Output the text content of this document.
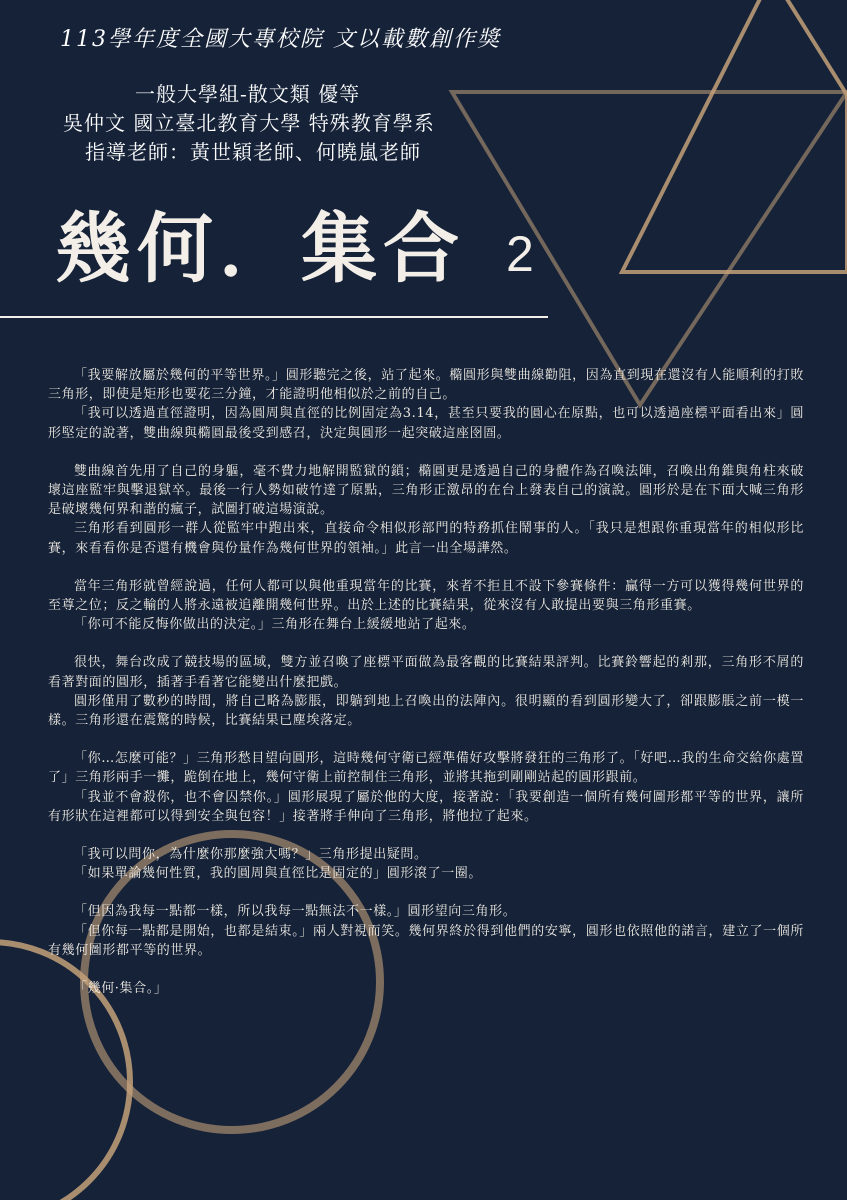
113學年度全國大專校院 文以載數創作獎
一般大學組-散文類 優等
吳仲文 國立臺北教育大學 特殊教育學系
指導老師：黃世穎老師、何曉嵐老師
幾何．集合 2

「我要解放屬於幾何的平等世界。」圓形聽完之後，站了起來。橢圓形與雙曲線勸阻，因為直到現在還沒有人能順利的打敗三角形，即使是矩形也要花三分鐘，才能證明他相似於之前的自己。

「我可以透過直徑證明，因為圓周與直徑的比例固定為3.14，甚至只要我的圓心在原點，也可以透過座標平面看出來」圓形堅定的說著，雙曲線與橢圓最後受到感召，決定與圓形一起突破這座囹圄。

雙曲線首先用了自己的身軀，毫不費力地解開監獄的鎖；橢圓更是透過自己的身體作為召喚法陣，召喚出角錐與角柱來破壞這座監牢與擊退獄卒。最後一行人勢如破竹達了原點，三角形正激昂的在台上發表自己的演說。圓形於是在下面大喊三角形是破壞幾何界和諧的瘋子，試圖打破這場演說。

三角形看到圓形一群人從監牢中跑出來，直接命令相似形部門的特務抓住鬧事的人。「我只是想跟你重現當年的相似形比賽，來看看你是否還有機會與份量作為幾何世界的領袖。」此言一出全場譁然。

當年三角形就曾經說過，任何人都可以與他重現當年的比賽，來者不拒且不設下參賽條件：贏得一方可以獲得幾何世界的至尊之位；反之輸的人將永遠被追離開幾何世界。出於上述的比賽結果，從來沒有人敢提出要與三角形重賽。

「你可不能反悔你做出的決定。」三角形在舞台上緩緩地站了起來。

很快，舞台改成了競技場的區域，雙方並召喚了座標平面做為最客觀的比賽結果評判。比賽鈴響起的剎那，三角形不屑的看著對面的圓形，插著手看著它能變出什麼把戲。

圓形僅用了數秒的時間，將自己略為膨脹，即躺到地上召喚出的法陣內。很明顯的看到圓形變大了，卻跟膨脹之前一模一樣。三角形還在震驚的時候，比賽結果已塵埃落定。

「你…怎麼可能？」三角形愁目望向圓形，這時幾何守衛已經準備好攻擊將發狂的三角形了。「好吧…我的生命交給你處置了」三角形兩手一攤，跪倒在地上，幾何守衛上前控制住三角形，並將其拖到剛剛站起的圓形跟前。

「我並不會殺你，也不會囚禁你。」圓形展現了屬於他的大度，接著說：「我要創造一個所有幾何圖形都平等的世界，讓所有形狀在這裡都可以得到安全與包容！」接著將手伸向了三角形，將他拉了起來。

「我可以問你，為什麼你那麼強大嗎？」三角形提出疑問。

「如果單論幾何性質，我的圓周與直徑比是固定的」圓形滾了一圈。

「但因為我每一點都一樣，所以我每一點無法不一樣。」圓形望向三角形。

「但你每一點都是開始，也都是結束。」兩人對視而笑。幾何界終於得到他們的安寧，圓形也依照他的諾言，建立了一個所有幾何圖形都平等的世界。

「幾何·集合。」
